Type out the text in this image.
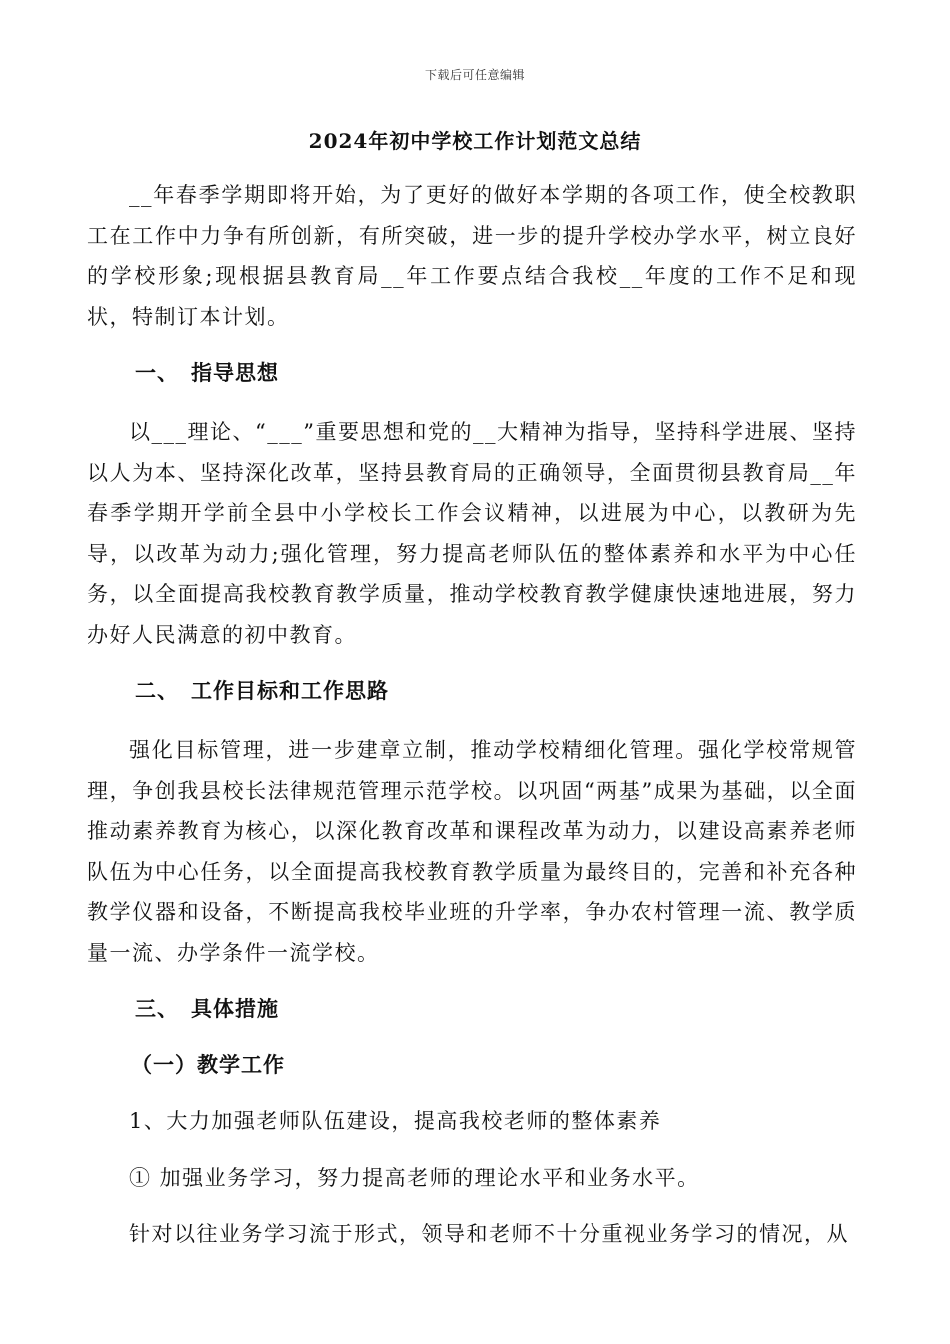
下载后可任意编辑
2024年初中学校工作计划范文总结

__年春季学期即将开始，为了更好的做好本学期的各项工作，使全校教职工在工作中力争有所创新，有所突破，进一步的提升学校办学水平，树立良好的学校形象;现根据县教育局__年工作要点结合我校__年度的工作不足和现状，特制订本计划。

一、 指导思想

以___理论、“___”重要思想和党的__大精神为指导，坚持科学进展、坚持以人为本、坚持深化改革，坚持县教育局的正确领导，全面贯彻县教育局__年春季学期开学前全县中小学校长工作会议精神，以进展为中心，以教研为先导，以改革为动力;强化管理，努力提高老师队伍的整体素养和水平为中心任务，以全面提高我校教育教学质量，推动学校教育教学健康快速地进展，努力办好人民满意的初中教育。

二、 工作目标和工作思路

强化目标管理，进一步建章立制，推动学校精细化管理。强化学校常规管理，争创我县校长法律规范管理示范学校。以巩固“两基”成果为基础，以全面推动素养教育为核心，以深化教育改革和课程改革为动力，以建设高素养老师队伍为中心任务，以全面提高我校教育教学质量为最终目的，完善和补充各种教学仪器和设备，不断提高我校毕业班的升学率，争办农村管理一流、教学质量一流、办学条件一流学校。

三、 具体措施

（一）教学工作

1、大力加强老师队伍建设，提高我校老师的整体素养

① 加强业务学习，努力提高老师的理论水平和业务水平。

针对以往业务学习流于形式，领导和老师不十分重视业务学习的情况，从
